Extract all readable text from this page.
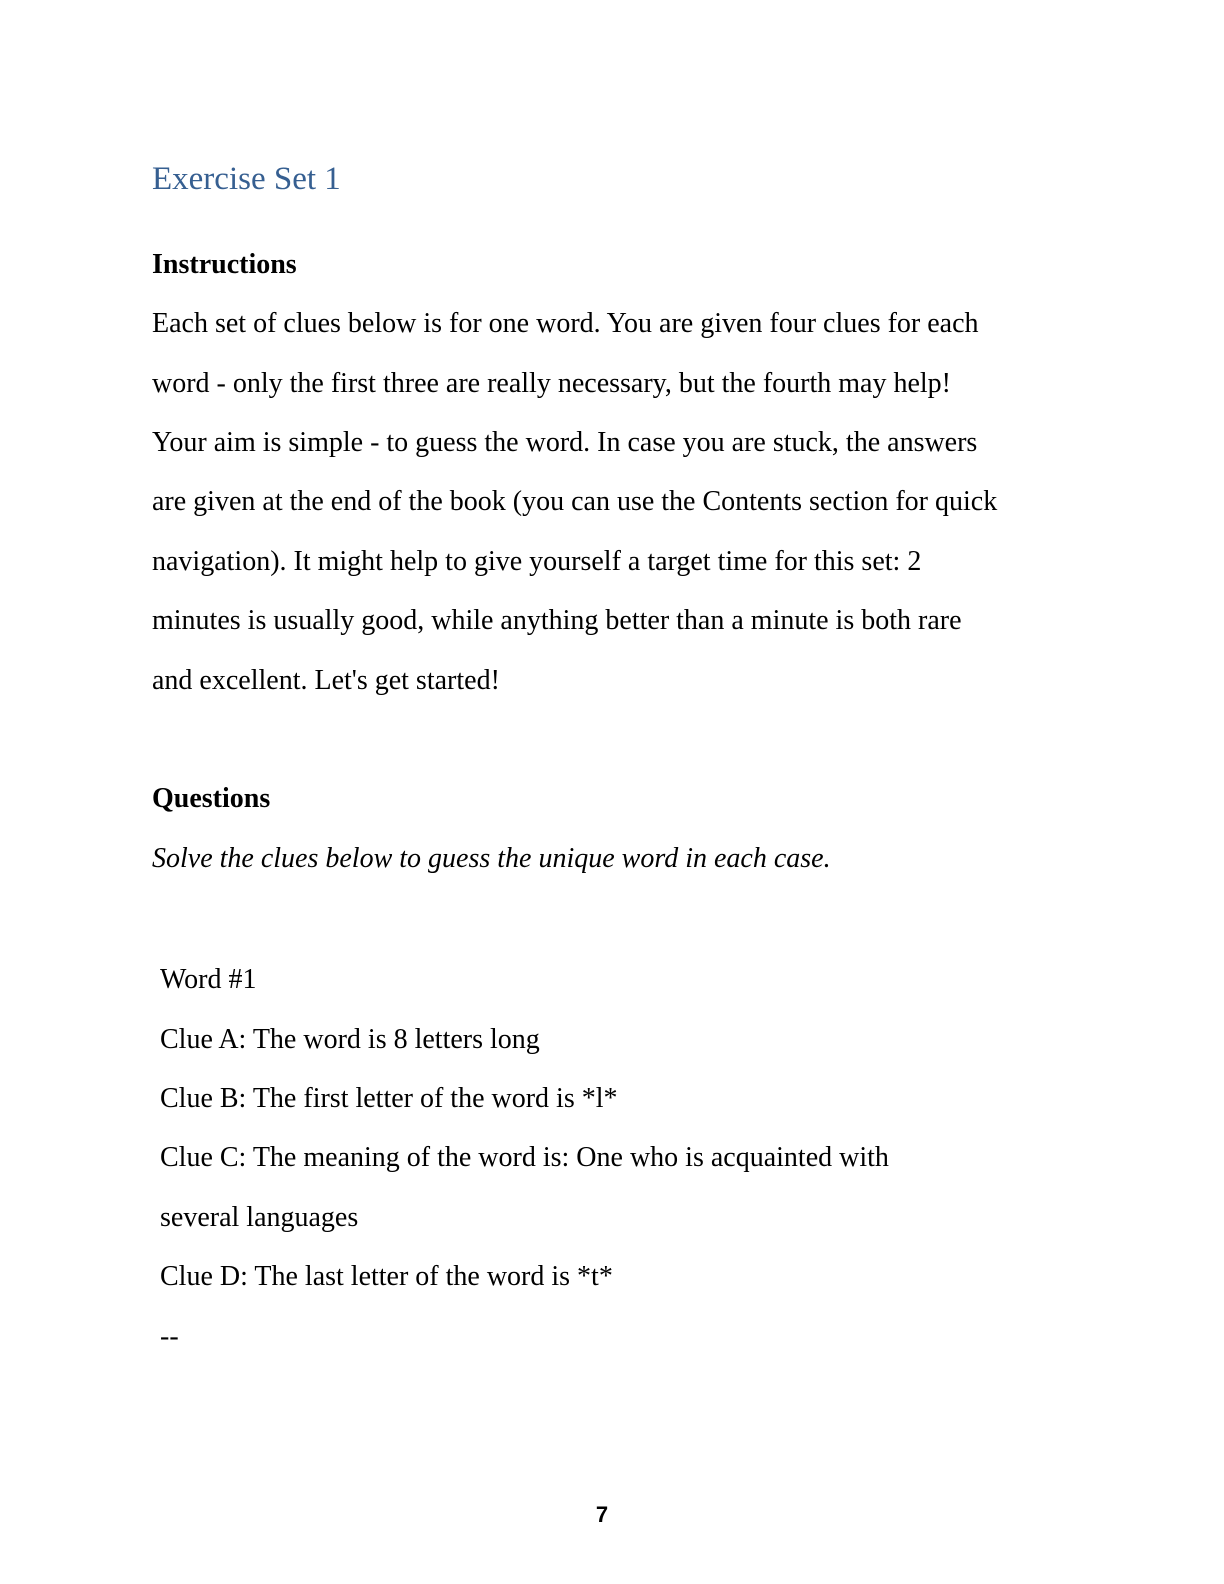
Exercise Set 1
Instructions
Each set of clues below is for one word. You are given four clues for each
word - only the first three are really necessary, but the fourth may help!
Your aim is simple - to guess the word. In case you are stuck, the answers
are given at the end of the book (you can use the Contents section for quick
navigation). It might help to give yourself a target time for this set: 2
minutes is usually good, while anything better than a minute is both rare
and excellent. Let's get started!
Questions
Solve the clues below to guess the unique word in each case.
Word #1
Clue A: The word is 8 letters long
Clue B: The first letter of the word is *l*
Clue C: The meaning of the word is: One who is acquainted with
several languages
Clue D: The last letter of the word is *t*
--
7
